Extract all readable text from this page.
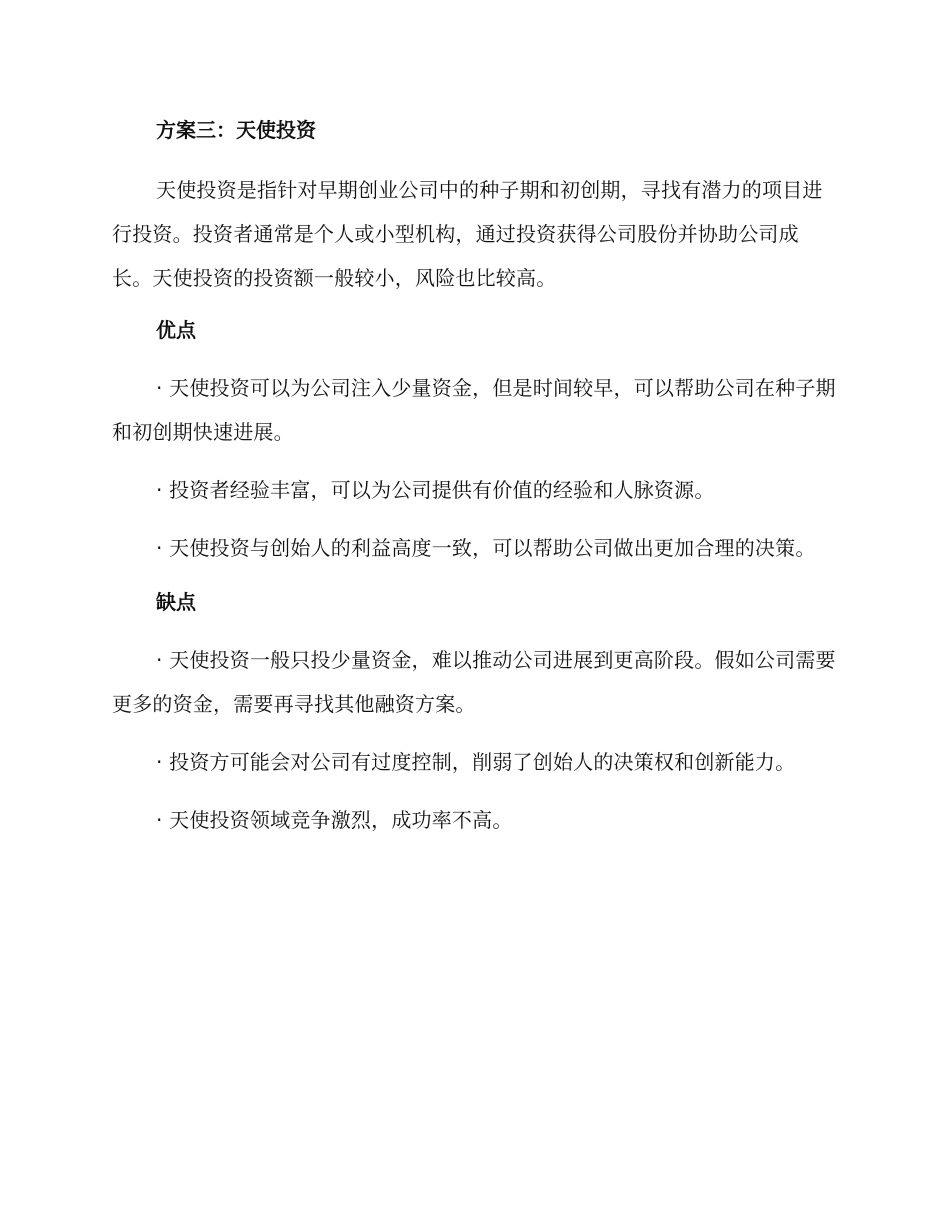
方案三：天使投资

天使投资是指针对早期创业公司中的种子期和初创期，寻找有潜力的项目进行投资。投资者通常是个人或小型机构，通过投资获得公司股份并协助公司成长。天使投资的投资额一般较小，风险也比较高。

优点

· 天使投资可以为公司注入少量资金，但是时间较早，可以帮助公司在种子期和初创期快速进展。

· 投资者经验丰富，可以为公司提供有价值的经验和人脉资源。

· 天使投资与创始人的利益高度一致，可以帮助公司做出更加合理的决策。

缺点

· 天使投资一般只投少量资金，难以推动公司进展到更高阶段。假如公司需要更多的资金，需要再寻找其他融资方案。

· 投资方可能会对公司有过度控制，削弱了创始人的决策权和创新能力。

· 天使投资领域竞争激烈，成功率不高。
